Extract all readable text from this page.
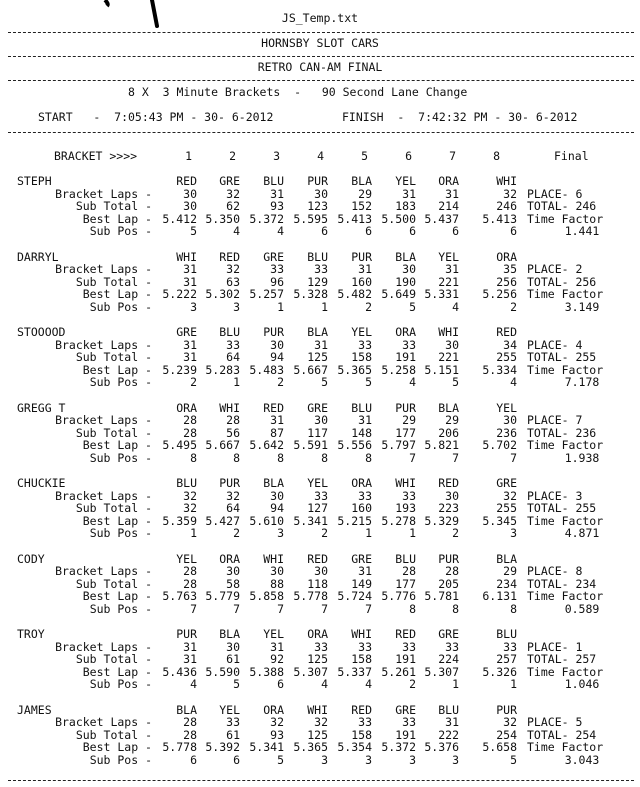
JS_Temp.txt
HORNSBY SLOT CARS
RETRO CAN-AM FINAL
8 X  3 Minute Brackets  -   90 Second Lane Change
START   -  7:05:43 PM - 30- 6-2012	FINISH  -  7:42:32 PM - 30- 6-2012
BRACKET >>>>	1	2	3	4	5	6	7	8	Final
STEPH	RED	GRE	BLU	PUR	BLA	YEL	ORA	WHI
Bracket Laps -	30	32	31	30	29	31	31	32 PLACE- 6
Sub Total -	30	62	93	123	152	183	214	246 TOTAL- 246
Best Lap - 5.412 5.350 5.372 5.595 5.413 5.500 5.437	5.413 Time Factor
Sub Pos -	5	4	4	6	6	6	6	6	1.441
DARRYL	WHI	RED	GRE	BLU	PUR	BLA	YEL	ORA
Bracket Laps -	31	32	33	33	31	30	31	35 PLACE- 2
Sub Total -	31	63	96	129	160	190	221	256 TOTAL- 256
Best Lap - 5.222 5.302 5.257 5.328 5.482 5.649 5.331	5.256 Time Factor
Sub Pos -	3	3	1	1	2	5	4	2	3.149
STOOOOD	GRE	BLU	PUR	BLA	YEL	ORA	WHI	RED
Bracket Laps -	31	33	30	31	33	33	30	34 PLACE- 4
Sub Total -	31	64	94	125	158	191	221	255 TOTAL- 255
Best Lap - 5.239 5.283 5.483 5.667 5.365 5.258 5.151	5.334 Time Factor
Sub Pos -	2	1	2	5	5	4	5	4	7.178
GREGG T	ORA	WHI	RED	GRE	BLU	PUR	BLA	YEL
Bracket Laps -	28	28	31	30	31	29	29	30 PLACE- 7
Sub Total -	28	56	87	117	148	177	206	236 TOTAL- 236
Best Lap - 5.495 5.667 5.642 5.591 5.556 5.797 5.821	5.702 Time Factor
Sub Pos -	8	8	8	8	8	7	7	7	1.938
CHUCKIE	BLU	PUR	BLA	YEL	ORA	WHI	RED	GRE
Bracket Laps -	32	32	30	33	33	33	30	32 PLACE- 3
Sub Total -	32	64	94	127	160	193	223	255 TOTAL- 255
Best Lap - 5.359 5.427 5.610 5.341 5.215 5.278 5.329	5.345 Time Factor
Sub Pos -	1	2	3	2	1	1	2	3	4.871
CODY	YEL	ORA	WHI	RED	GRE	BLU	PUR	BLA
Bracket Laps -	28	30	30	30	31	28	28	29 PLACE- 8
Sub Total -	28	58	88	118	149	177	205	234 TOTAL- 234
Best Lap - 5.763 5.779 5.858 5.778 5.724 5.776 5.781	6.131 Time Factor
Sub Pos -	7	7	7	7	7	8	8	8	0.589
TROY	PUR	BLA	YEL	ORA	WHI	RED	GRE	BLU
Bracket Laps -	31	30	31	33	33	33	33	33 PLACE- 1
Sub Total -	31	61	92	125	158	191	224	257 TOTAL- 257
Best Lap - 5.436 5.590 5.388 5.307 5.337 5.261 5.307	5.326 Time Factor
Sub Pos -	4	5	6	4	4	2	1	1	1.046
JAMES	BLA	YEL	ORA	WHI	RED	GRE	BLU	PUR
Bracket Laps -	28	33	32	32	33	33	31	32 PLACE- 5
Sub Total -	28	61	93	125	158	191	222	254 TOTAL- 254
Best Lap - 5.778 5.392 5.341 5.365 5.354 5.372 5.376	5.658 Time Factor
Sub Pos -	6	6	5	3	3	3	3	5	3.043
